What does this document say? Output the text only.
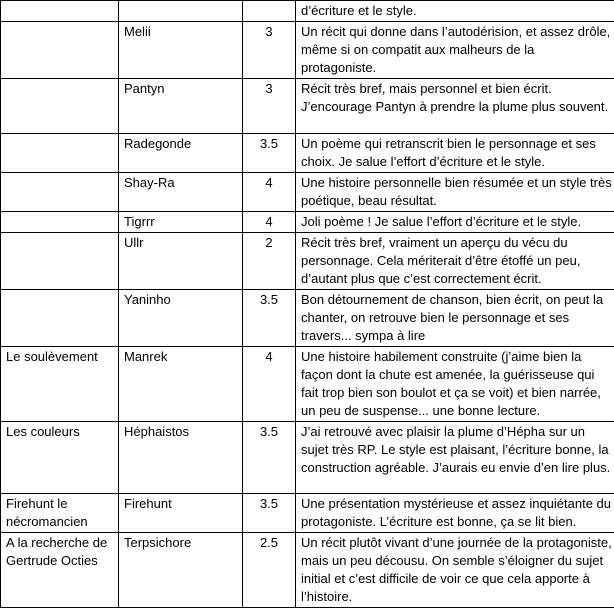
			d’écriture et le style.
	Melii	3	Un récit qui donne dans l’autodérision, et assez drôle, même si on compatit aux malheurs de la protagoniste.
	Pantyn	3	Récit très bref, mais personnel et bien écrit. J’encourage Pantyn à prendre la plume plus souvent.
	Radegonde	3.5	Un poème qui retranscrit bien le personnage et ses choix. Je salue l’effort d’écriture et le style.
	Shay-Ra	4	Une histoire personnelle bien résumée et un style très poétique, beau résultat.
	Tigrrr	4	Joli poème ! Je salue l’effort d’écriture et le style.
	Ullr	2	Récit très bref, vraiment un aperçu du vécu du personnage. Cela mériterait d’être étoffé un peu, d’autant plus que c’est correctement écrit.
	Yaninho	3.5	Bon détournement de chanson, bien écrit, on peut la chanter, on retrouve bien le personnage et ses travers... sympa à lire
Le soulèvement	Manrek	4	Une histoire habilement construite (j’aime bien la façon dont la chute est amenée, la guérisseuse qui fait trop bien son boulot et ça se voit) et bien narrée, un peu de suspense... une bonne lecture.
Les couleurs	Héphaistos	3.5	J’ai retrouvé avec plaisir la plume d’Hépha sur un sujet très RP. Le style est plaisant, l’écriture bonne, la construction agréable. J’aurais eu envie d’en lire plus.
Firehunt le nécromancien	Firehunt	3.5	Une présentation mystérieuse et assez inquiétante du protagoniste. L’écriture est bonne, ça se lit bien.
A la recherche de Gertrude Octies	Terpsichore	2.5	Un récit plutôt vivant d’une journée de la protagoniste, mais un peu décousu. On semble s’éloigner du sujet initial et c’est difficile de voir ce que cela apporte à l’histoire.
